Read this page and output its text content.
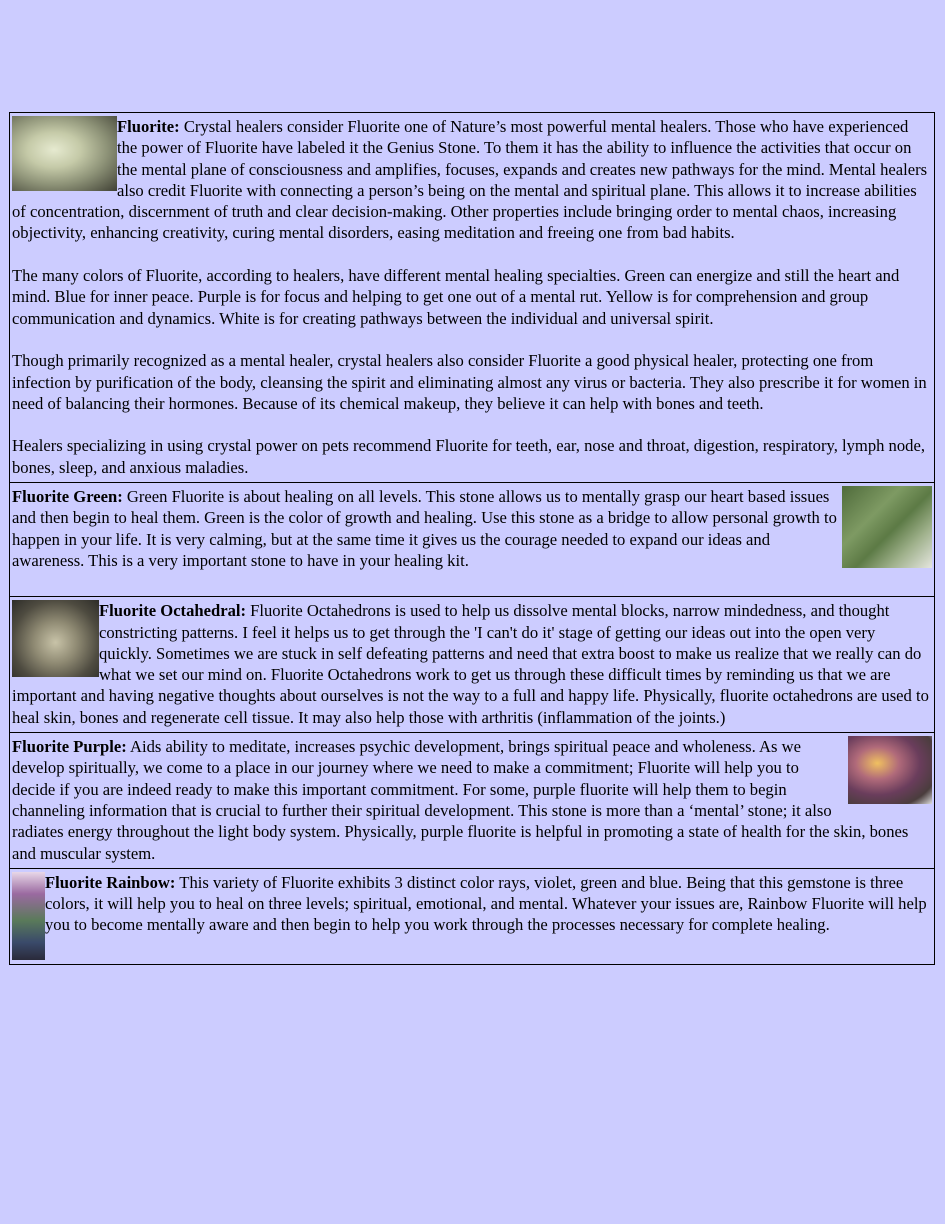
Fluorite: Crystal healers consider Fluorite one of Nature’s most powerful mental healers. Those who have experienced the power of Fluorite have labeled it the Genius Stone. To them it has the ability to influence the activities that occur on the mental plane of consciousness and amplifies, focuses, expands and creates new pathways for the mind. Mental healers also credit Fluorite with connecting a person’s being on the mental and spiritual plane. This allows it to increase abilities of concentration, discernment of truth and clear decision-making. Other properties include bringing order to mental chaos, increasing objectivity, enhancing creativity, curing mental disorders, easing meditation and freeing one from bad habits.

The many colors of Fluorite, according to healers, have different mental healing specialties. Green can energize and still the heart and mind. Blue for inner peace. Purple is for focus and helping to get one out of a mental rut. Yellow is for comprehension and group communication and dynamics. White is for creating pathways between the individual and universal spirit.

Though primarily recognized as a mental healer, crystal healers also consider Fluorite a good physical healer, protecting one from infection by purification of the body, cleansing the spirit and eliminating almost any virus or bacteria. They also prescribe it for women in need of balancing their hormones. Because of its chemical makeup, they believe it can help with bones and teeth.

Healers specializing in using crystal power on pets recommend Fluorite for teeth, ear, nose and throat, digestion, respiratory, lymph node, bones, sleep, and anxious maladies.

Fluorite Green: Green Fluorite is about healing on all levels. This stone allows us to mentally grasp our heart based issues and then begin to heal them. Green is the color of growth and healing. Use this stone as a bridge to allow personal growth to happen in your life. It is very calming, but at the same time it gives us the courage needed to expand our ideas and awareness. This is a very important stone to have in your healing kit.

Fluorite Octahedral: Fluorite Octahedrons is used to help us dissolve mental blocks, narrow mindedness, and thought constricting patterns. I feel it helps us to get through the 'I can't do it' stage of getting our ideas out into the open very quickly. Sometimes we are stuck in self defeating patterns and need that extra boost to make us realize that we really can do what we set our mind on. Fluorite Octahedrons work to get us through these difficult times by reminding us that we are important and having negative thoughts about ourselves is not the way to a full and happy life. Physically, fluorite octahedrons are used to heal skin, bones and regenerate cell tissue. It may also help those with arthritis (inflammation of the joints.)

Fluorite Purple: Aids ability to meditate, increases psychic development, brings spiritual peace and wholeness. As we develop spiritually, we come to a place in our journey where we need to make a commitment; Fluorite will help you to decide if you are indeed ready to make this important commitment. For some, purple fluorite will help them to begin channeling information that is crucial to further their spiritual development. This stone is more than a ‘mental’ stone; it also radiates energy throughout the light body system. Physically, purple fluorite is helpful in promoting a state of health for the skin, bones and muscular system.

Fluorite Rainbow: This variety of Fluorite exhibits 3 distinct color rays, violet, green and blue. Being that this gemstone is three colors, it will help you to heal on three levels; spiritual, emotional, and mental. Whatever your issues are, Rainbow Fluorite will help you to become mentally aware and then begin to help you work through the processes necessary for complete healing.
